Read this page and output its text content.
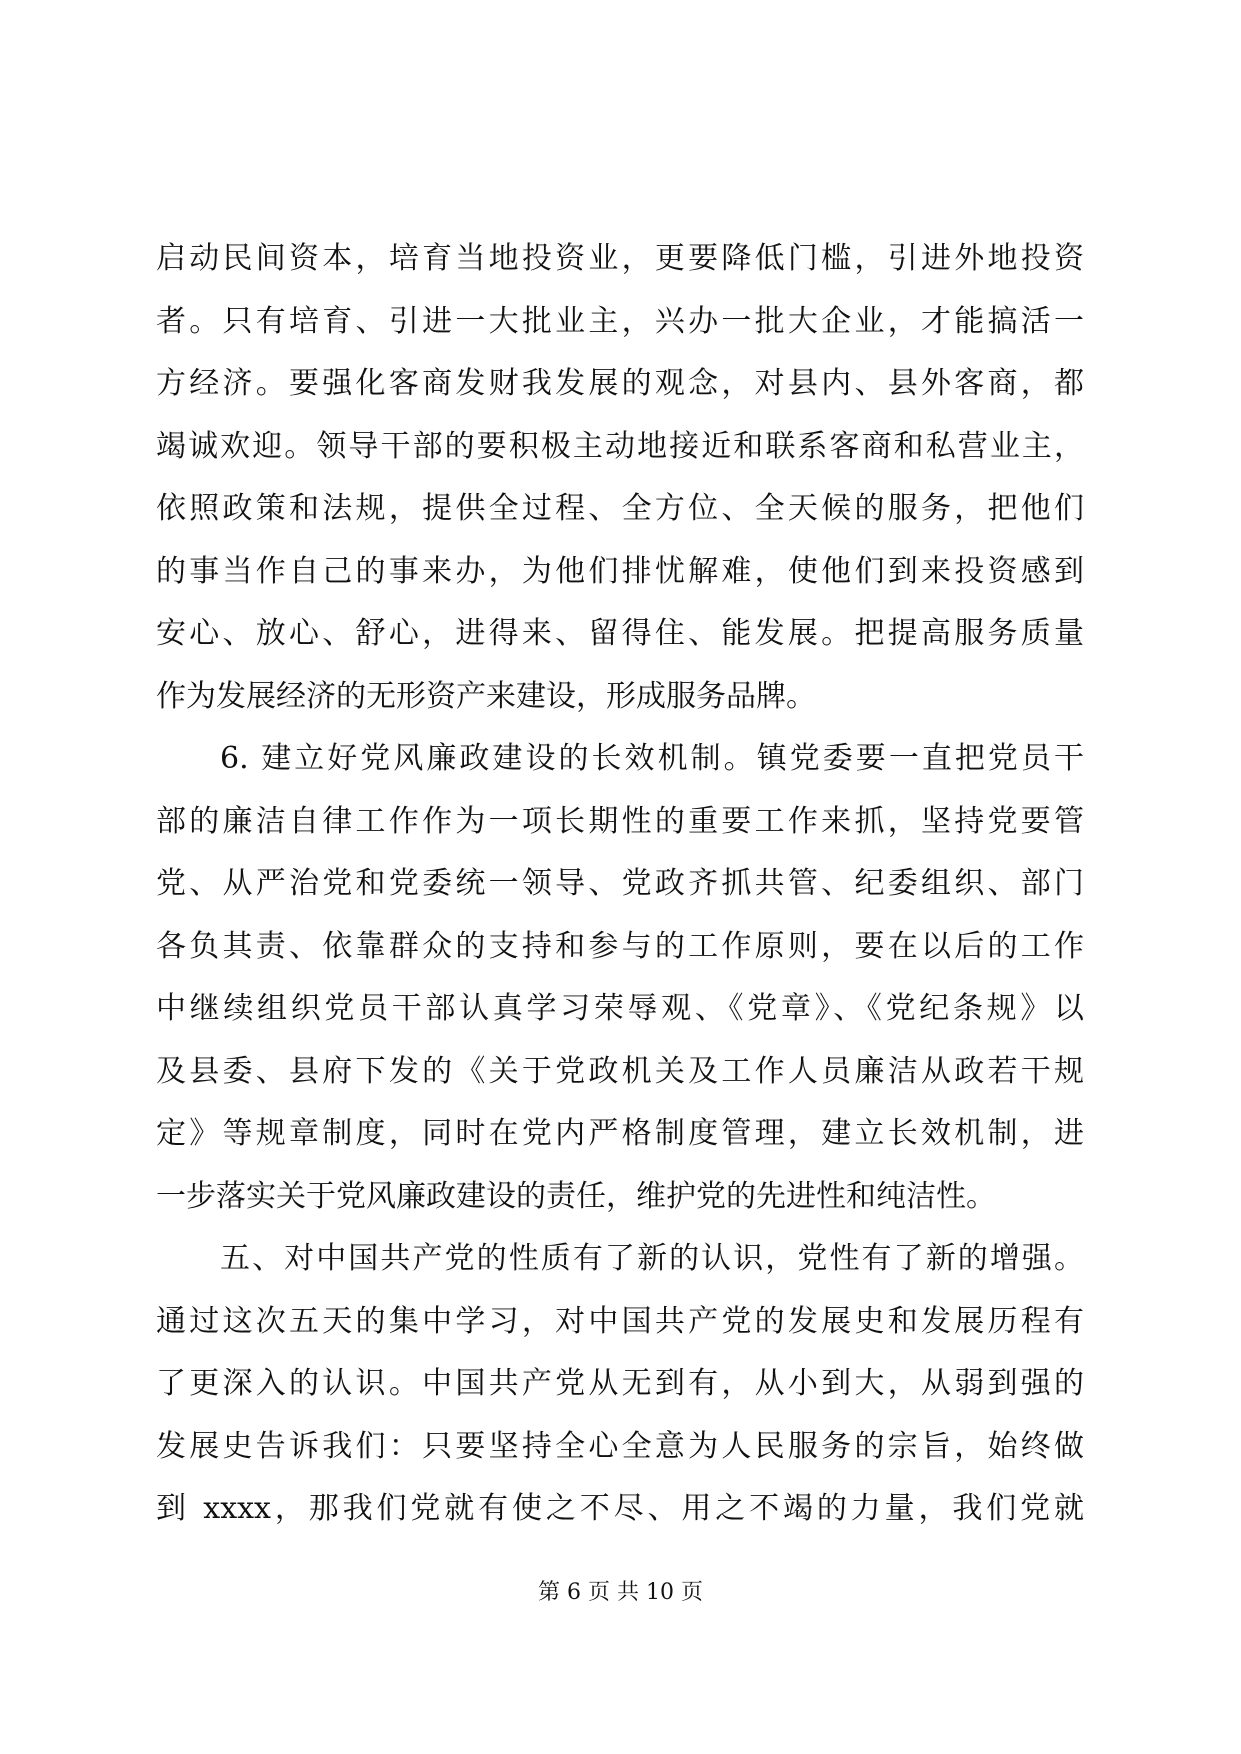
启动民间资本，培育当地投资业，更要降低门槛，引进外地投资
者。只有培育、引进一大批业主，兴办一批大企业，才能搞活一
方经济。要强化客商发财我发展的观念，对县内、县外客商，都
竭诚欢迎。领导干部的要积极主动地接近和联系客商和私营业主，
依照政策和法规，提供全过程、全方位、全天候的服务，把他们
的事当作自己的事来办，为他们排忧解难，使他们到来投资感到
安心、放心、舒心，进得来、留得住、能发展。把提高服务质量
作为发展经济的无形资产来建设，形成服务品牌。
6. 建立好党风廉政建设的长效机制。镇党委要一直把党员干
部的廉洁自律工作作为一项长期性的重要工作来抓，坚持党要管
党、从严治党和党委统一领导、党政齐抓共管、纪委组织、部门
各负其责、依靠群众的支持和参与的工作原则，要在以后的工作
中继续组织党员干部认真学习荣辱观、《党章》、《党纪条规》以
及县委、县府下发的《关于党政机关及工作人员廉洁从政若干规
定》等规章制度，同时在党内严格制度管理，建立长效机制，进
一步落实关于党风廉政建设的责任，维护党的先进性和纯洁性。
五、对中国共产党的性质有了新的认识，党性有了新的增强。
通过这次五天的集中学习，对中国共产党的发展史和发展历程有
了更深入的认识。中国共产党从无到有，从小到大，从弱到强的
发展史告诉我们：只要坚持全心全意为人民服务的宗旨，始终做
到 xxxx，那我们党就有使之不尽、用之不竭的力量，我们党就
第 6 页 共 10 页
